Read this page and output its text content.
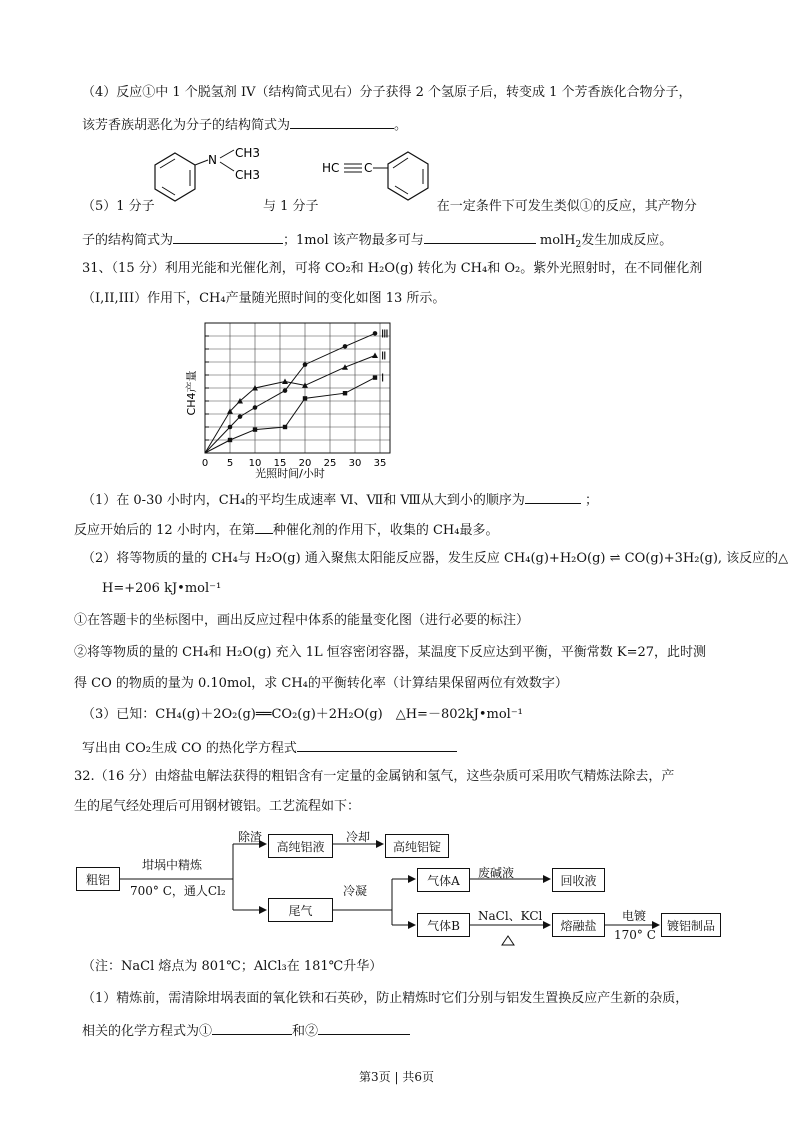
（4）反应①中 1 个脱氢剂 IV（结构简式见右）分子获得 2 个氢原子后，转变成 1 个芳香族化合物分子，
该芳香族胡恶化为分子的结构简式为	。
N CH3
CH3	HC C
（5）1 分子	与 1 分子	在一定条件下可发生类似①的反应，其产物分
子的结构简式为	；1mol 该产物最多可与	molH$_2$发生加成反应。
31、（15 分）利用光能和光催化剂，可将 CO₂和 H₂O(g) 转化为 CH₄和 O₂。紫外光照射时，在不同催化剂
（I,II,III）作用下，CH₄产量随光照时间的变化如图 13 所示。
0 5 10 15 20 25 30 35
Ⅰ
Ⅱ
Ⅲ
光照时间/小时
CH4产量
（1）在 0-30 小时内，CH₄的平均生成速率 Ⅵ、Ⅶ和 Ⅷ从大到小的顺序为	；
反应开始后的 12 小时内，在第 种催化剂的作用下，收集的 CH₄最多。
（2）将等物质的量的 CH₄与 H₂O(g) 通入聚焦太阳能反应器，发生反应 CH₄(g)+H₂O(g) ⇌ CO(g)+3H₂(g), 该反应的△
H=+206 kJ•mol⁻¹
①在答题卡的坐标图中，画出反应过程中体系的能量变化图（进行必要的标注）
②将等物质的量的 CH₄和 H₂O(g) 充入 1L 恒容密闭容器，某温度下反应达到平衡，平衡常数 K=27，此时测
得 CO 的物质的量为 0.10mol，求 CH₄的平衡转化率（计算结果保留两位有效数字）
（3）已知：CH₄(g)＋2O₂(g)══CO₂(g)＋2H₂O(g)　△H=－802kJ•mol⁻¹
写出由 CO₂生成 CO 的热化学方程式
32.（16 分）由熔盐电解法获得的粗铝含有一定量的金属钠和氢气，这些杂质可采用吹气精炼法除去，产
生的尾气经处理后可用钢材镀铝。工艺流程如下：
粗铝
坩埚中精炼
700° C，通人Cl₂
除渣
高纯铝液
冷却
高纯铝锭
尾气
冷凝
气体A
废碱液
回收液
气体B
NaCl、KCl
熔融盐
电镀
170° C
镀铝制品
（注：NaCl 熔点为 801℃；AlCl₃在 181℃升华）
（1）精炼前，需清除坩埚表面的氧化铁和石英砂，防止精炼时它们分别与铝发生置换反应产生新的杂质，
相关的化学方程式为①	和②
第3页 | 共6页
